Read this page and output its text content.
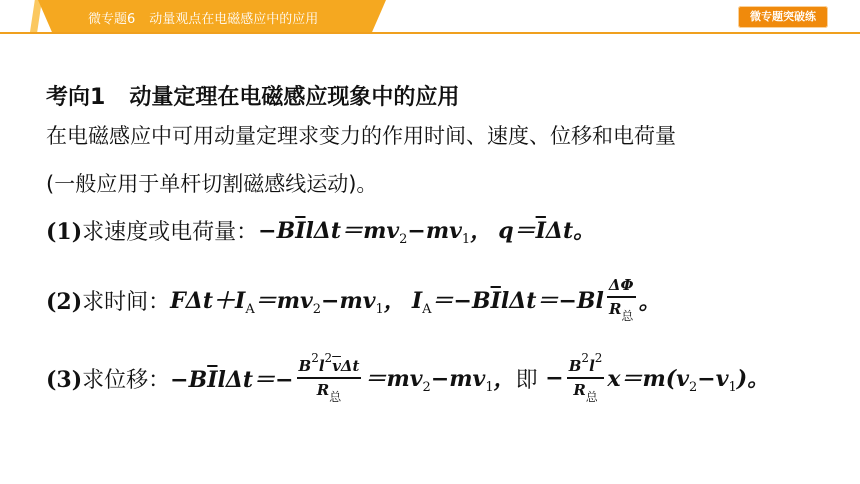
微专题6 动量观点在电磁感应中的应用	微专题突破练
考向1 动量定理在电磁感应现象中的应用
在电磁感应中可用动量定理求变力的作用时间、速度、位移和电荷量
(一般应用于单杆切割磁感线运动)。
(1)求速度或电荷量： $-B\overline{I}l\Delta t=mv_2-mv_1$， $q=\overline{I}\Delta t$。
(2)求时间： $F\Delta t+I_A=mv_2-mv_1$， $I_A=-B\overline{I}l\Delta t=-Bl \frac{\Delta\Phi}{R_总}$ 。
(3)求位移： $-B\overline{I}l\Delta t=- \frac{B^2l^2\overline{v}\Delta t}{R_总} =mv_2-mv_1$， 即 − $\frac{B^2l^2}{R_总} x=m(v_2-v_1)$。
